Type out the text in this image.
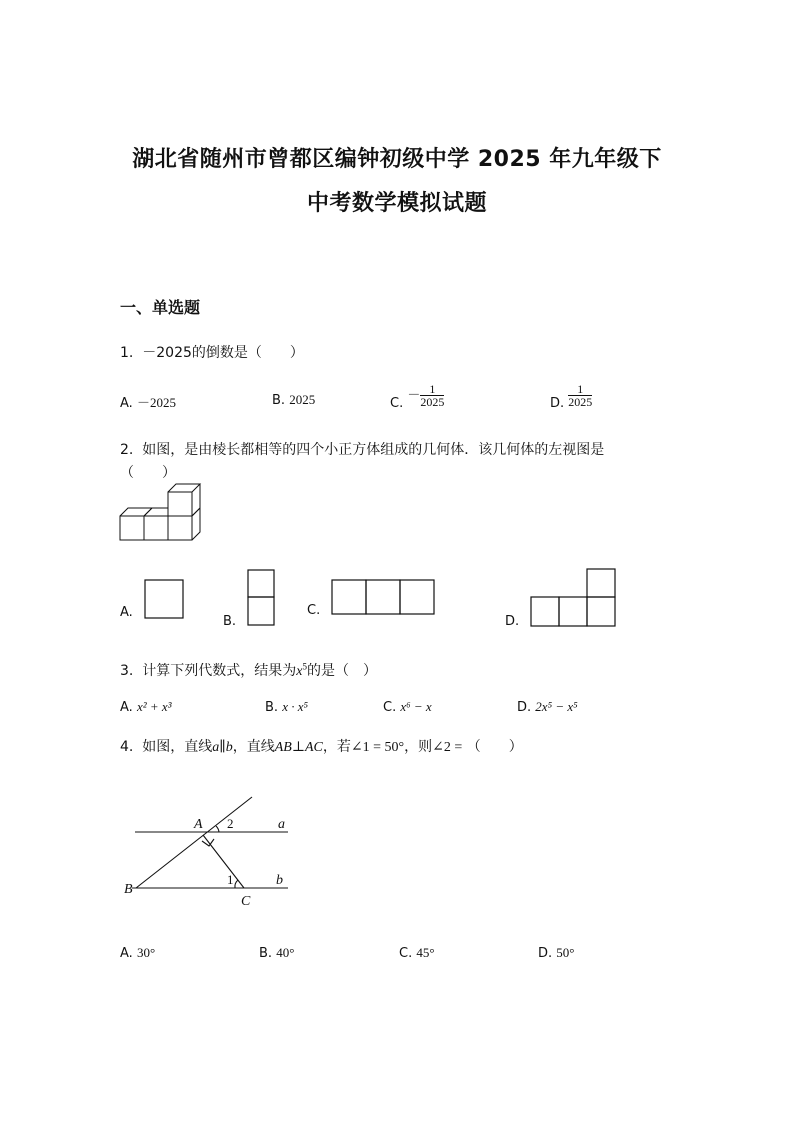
湖北省随州市曾都区编钟初级中学 2025 年九年级下
中考数学模拟试题
一、单选题
1. －2025的倒数是（　　）
A. －2025	B. 2025	C. － $\frac{1}{2025}$	D. $\frac{1}{2025}$
2. 如图，是由棱长都相等的四个小正方体组成的几何体．该几何体的左视图是
（　　）
A.
B.
C.
D.
3. 计算下列代数式，结果为$x^5$的是（　）
A. x² + x³	B. x · x⁵	C. x⁶ − x	D. 2x⁵ − x⁵
4. 如图，直线a∥b，直线AB⊥AC，若∠1 = 50°，则∠2 = （　　）
A
B
C
a
b
2
1
A. 30°	B. 40°	C. 45°	D. 50°
